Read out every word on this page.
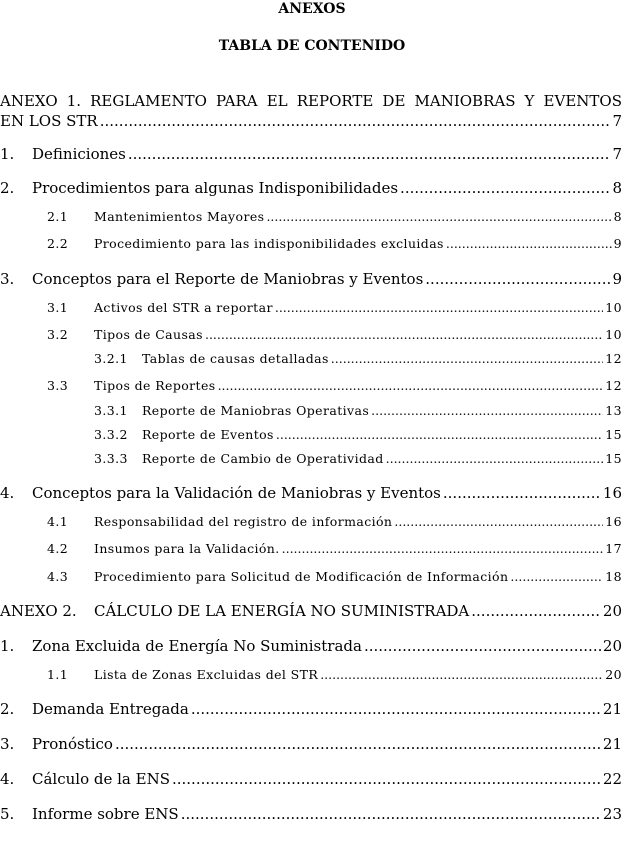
ANEXOS
TABLA DE CONTENIDO
ANEXO 1. REGLAMENTO PARA EL REPORTE DE MANIOBRAS Y EVENTOS
EN LOS STR .....	7
1.	Definiciones .....	7
2.	Procedimientos para algunas Indisponibilidades .....	8
2.1	Mantenimientos Mayores .....	8
2.2	Procedimiento para las indisponibilidades excluidas .....	9
3.	Conceptos para el Reporte de Maniobras y Eventos .....	9
3.1	Activos del STR a reportar .....	10
3.2	Tipos de Causas .....	10
3.2.1	Tablas de causas detalladas .....	12
3.3	Tipos de Reportes .....	12
3.3.1	Reporte de Maniobras Operativas .....	13
3.3.2	Reporte de Eventos .....	15
3.3.3	Reporte de Cambio de Operatividad .....	15
4.	Conceptos para la Validación de Maniobras y Eventos .....	16
4.1	Responsabilidad del registro de información .....	16
4.2	Insumos para la Validación. .....	17
4.3	Procedimiento para Solicitud de Modificación de Información .....	18
ANEXO 2.	CÁLCULO DE LA ENERGÍA NO SUMINISTRADA .....	20
1.	Zona Excluida de Energía No Suministrada .....	20
1.1	Lista de Zonas Excluidas del STR .....	20
2.	Demanda Entregada .....	21
3.	Pronóstico .....	21
4.	Cálculo de la ENS .....	22
5.	Informe sobre ENS .....	23
